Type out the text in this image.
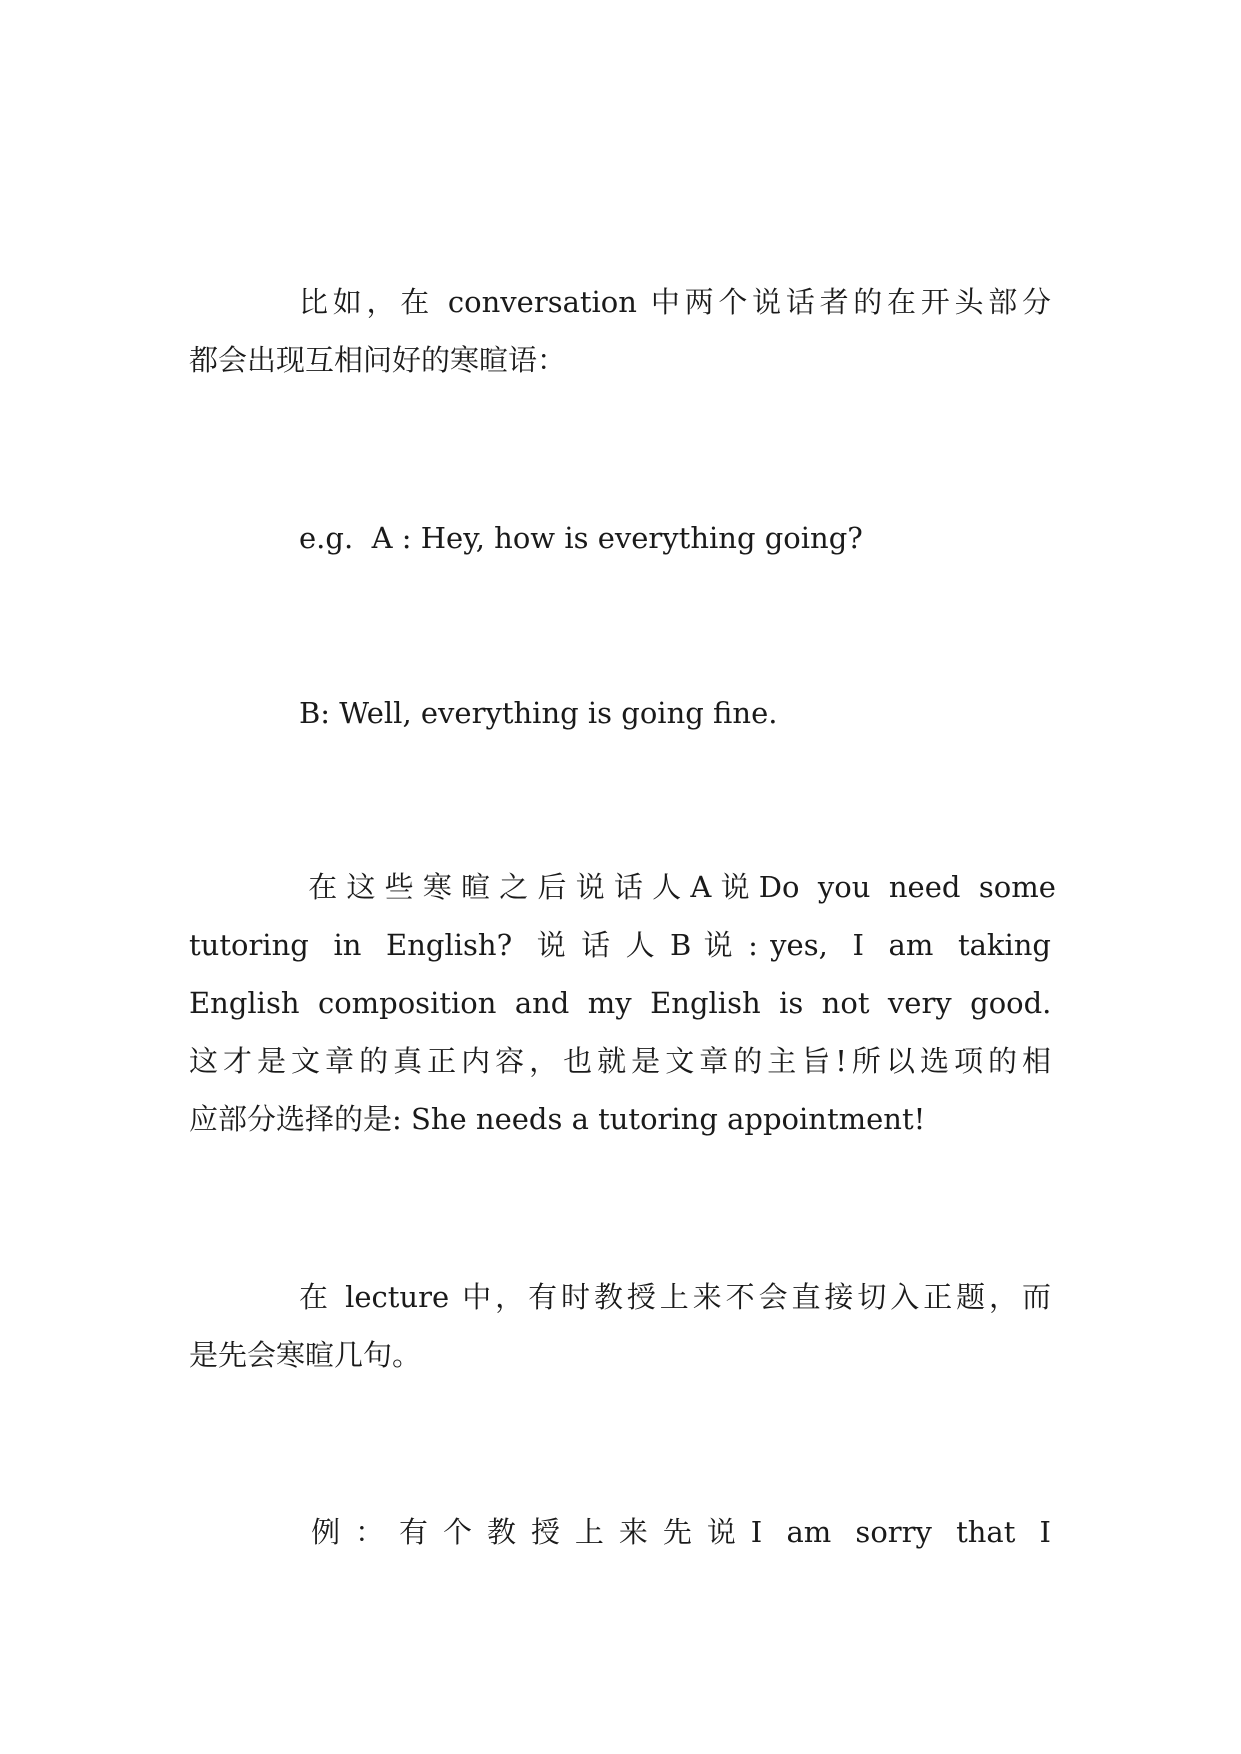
比如，在 conversation 中两个说话者的在开头部分

都会出现互相问好的寒暄语：

e.g.  A : Hey, how is everything going?

B: Well, everything is going fine.

在 这 些 寒 暄 之 后 说 话 人 A 说 Do  you  need  some

tutoring  in  English?  说 话 人 B 说 : yes,  I  am  taking

English  composition  and  my  English  is  not  very  good.

这才是文章的真正内容，也就是文章的主旨!所以选项的相

应部分选择的是: She needs a tutoring appointment!

在 lecture 中，有时教授上来不会直接切入正题，而

是先会寒暄几句。

例 ： 有 个 教 授 上 来 先 说 I  am  sorry  that  I
